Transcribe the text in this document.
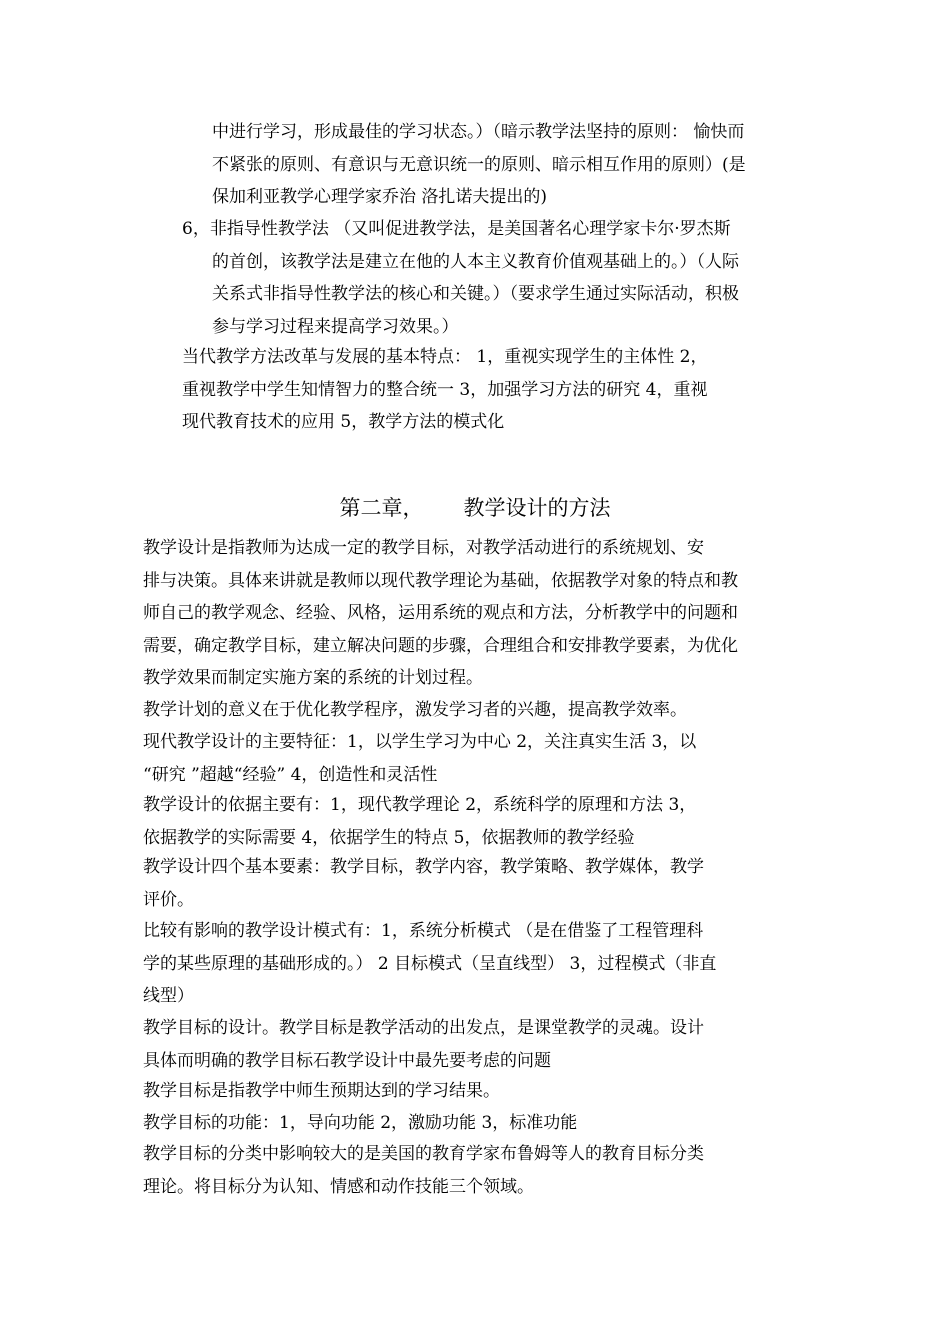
中进行学习，形成最佳的学习状态。）（暗示教学法坚持的原则： 愉快而
不紧张的原则、有意识与无意识统一的原则、暗示相互作用的原则）(是
保加利亚教学心理学家乔治 洛扎诺夫提出的)
6，非指导性教学法 （又叫促进教学法，是美国著名心理学家卡尔·罗杰斯
的首创，该教学法是建立在他的人本主义教育价值观基础上的。）（人际
关系式非指导性教学法的核心和关键。）（要求学生通过实际活动，积极
参与学习过程来提高学习效果。）
当代教学方法改革与发展的基本特点： 1，重视实现学生的主体性 2，
重视教学中学生知情智力的整合统一 3，加强学习方法的研究 4，重视
现代教育技术的应用 5，教学方法的模式化
第二章，      教学设计的方法
教学设计是指教师为达成一定的教学目标，对教学活动进行的系统规划、安
排与决策。具体来讲就是教师以现代教学理论为基础，依据教学对象的特点和教
师自己的教学观念、经验、风格，运用系统的观点和方法，分析教学中的问题和
需要，确定教学目标，建立解决问题的步骤，合理组合和安排教学要素，为优化
教学效果而制定实施方案的系统的计划过程。
教学计划的意义在于优化教学程序，激发学习者的兴趣，提高教学效率。
现代教学设计的主要特征：1，以学生学习为中心 2，关注真实生活 3，以
“研究 ”超越“经验” 4，创造性和灵活性
教学设计的依据主要有：1，现代教学理论 2，系统科学的原理和方法 3，
依据教学的实际需要 4，依据学生的特点 5，依据教师的教学经验
教学设计四个基本要素：教学目标，教学内容，教学策略、教学媒体，教学
评价。
比较有影响的教学设计模式有：1，系统分析模式 （是在借鉴了工程管理科
学的某些原理的基础形成的。） 2 目标模式（呈直线型） 3，过程模式（非直
线型）
教学目标的设计。教学目标是教学活动的出发点，是课堂教学的灵魂。设计
具体而明确的教学目标石教学设计中最先要考虑的问题
教学目标是指教学中师生预期达到的学习结果。
教学目标的功能：1，导向功能 2，激励功能 3，标准功能
教学目标的分类中影响较大的是美国的教育学家布鲁姆等人的教育目标分类
理论。将目标分为认知、情感和动作技能三个领域。
